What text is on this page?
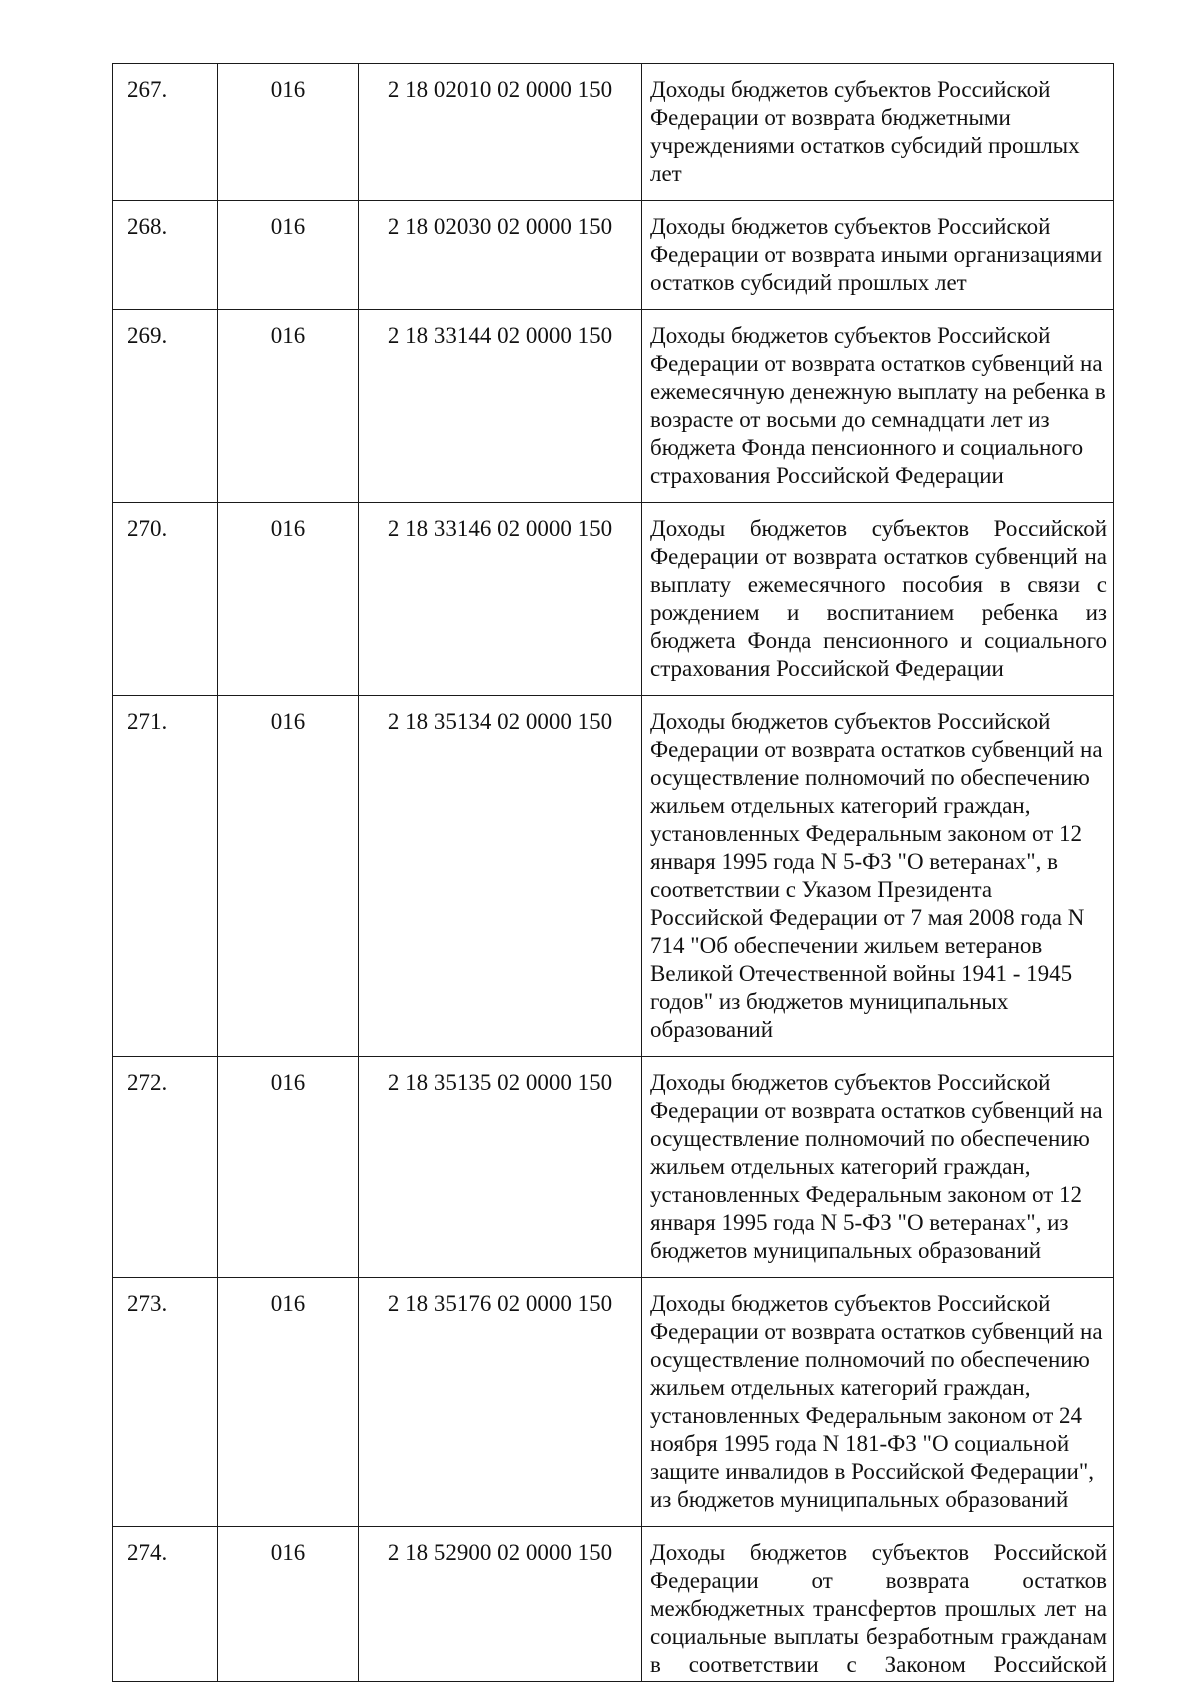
267.	016	2 18 02010 02 0000 150	Доходы бюджетов субъектов Российской Федерации от возврата бюджетными учреждениями остатков субсидий прошлых лет
268.	016	2 18 02030 02 0000 150	Доходы бюджетов субъектов Российской Федерации от возврата иными организациями остатков субсидий прошлых лет
269.	016	2 18 33144 02 0000 150	Доходы бюджетов субъектов Российской Федерации от возврата остатков субвенций на ежемесячную денежную выплату на ребенка в возрасте от восьми до семнадцати лет из бюджета Фонда пенсионного и социального страхования Российской Федерации
270.	016	2 18 33146 02 0000 150	Доходы бюджетов субъектов Российской Федерации от возврата остатков субвенций на выплату ежемесячного пособия в связи с рождением и воспитанием ребенка из бюджета Фонда пенсионного и социального страхования Российской Федерации
271.	016	2 18 35134 02 0000 150	Доходы бюджетов субъектов Российской Федерации от возврата остатков субвенций на осуществление полномочий по обеспечению жильем отдельных категорий граждан, установленных Федеральным законом от 12 января 1995 года N 5-ФЗ "О ветеранах", в соответствии с Указом Президента Российской Федерации от 7 мая 2008 года N 714 "Об обеспечении жильем ветеранов Великой Отечественной войны 1941 - 1945 годов" из бюджетов муниципальных образований
272.	016	2 18 35135 02 0000 150	Доходы бюджетов субъектов Российской Федерации от возврата остатков субвенций на осуществление полномочий по обеспечению жильем отдельных категорий граждан, установленных Федеральным законом от 12 января 1995 года N 5-ФЗ "О ветеранах", из бюджетов муниципальных образований
273.	016	2 18 35176 02 0000 150	Доходы бюджетов субъектов Российской Федерации от возврата остатков субвенций на осуществление полномочий по обеспечению жильем отдельных категорий граждан, установленных Федеральным законом от 24 ноября 1995 года N 181-ФЗ "О социальной защите инвалидов в Российской Федерации", из бюджетов муниципальных образований
274.	016	2 18 52900 02 0000 150	Доходы бюджетов субъектов Российской Федерации от возврата остатков межбюджетных трансфертов прошлых лет на социальные выплаты безработным гражданам в соответствии с Законом Российской
